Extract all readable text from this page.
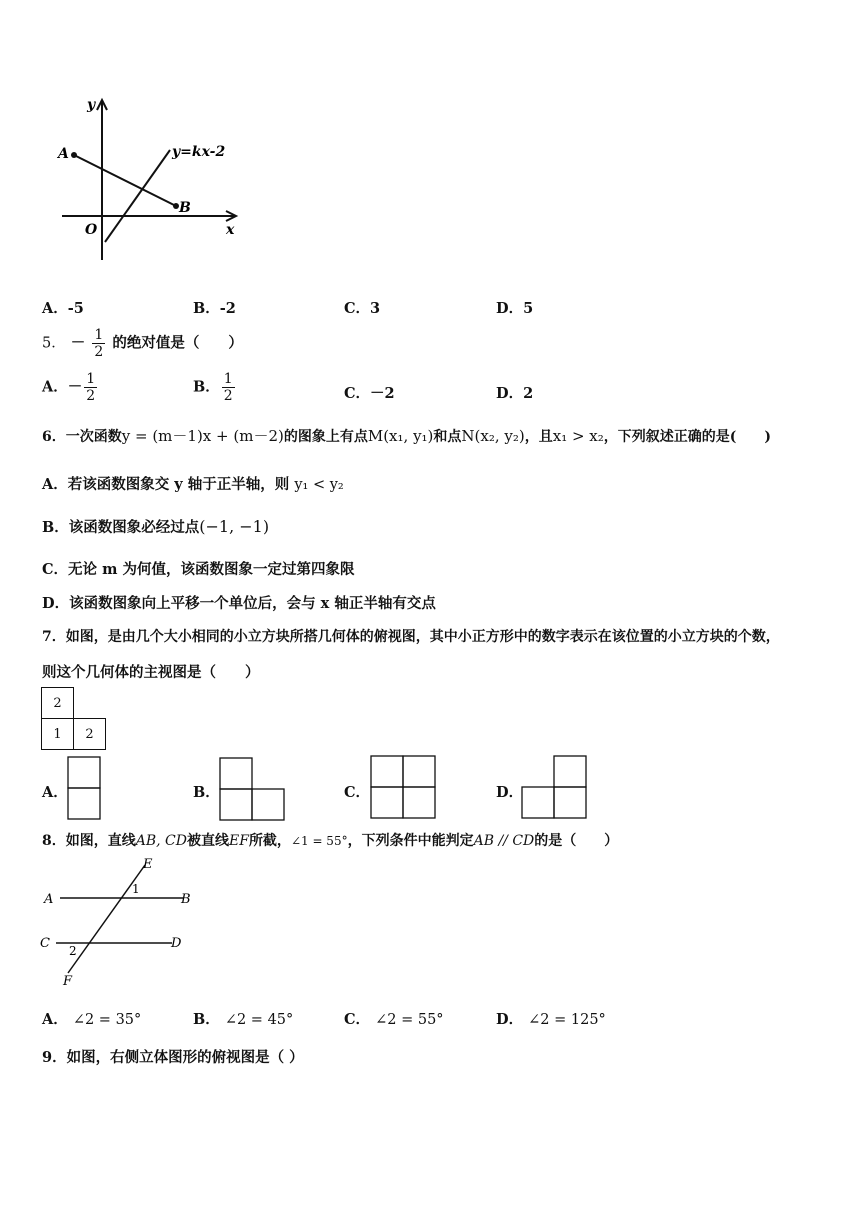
y
x
O
A
B
y=kx-2
A．-5	B．-2	C．3	D．5
5． － $\frac{1}{2}$ 的绝对值是（　　）
A．－ $\frac{1}{2}$	B． $\frac{1}{2}$	C．－2	D．2
6．一次函数y = (m－1)x + (m－2)的图象上有点M(x₁, y₁)和点N(x₂, y₂)，且x₁ > x₂，下列叙述正确的是(　　)
A．若该函数图象交 y 轴于正半轴，则 y₁ < y₂
B．该函数图象必经过点(−1, −1)
C．无论 m 为何值，该函数图象一定过第四象限
D．该函数图象向上平移一个单位后，会与 x 轴正半轴有交点
7．如图，是由几个大小相同的小立方块所搭几何体的俯视图，其中小正方形中的数字表示在该位置的小立方块的个数，
则这个几何体的主视图是（　　）
2
1	2
A．	B．	C．	D．
8．如图，直线AB, CD被直线EF所截，∠1 = 55°，下列条件中能判定AB // CD的是（　　）
E
A	B
C	D
F
1
2
A． ∠2 = 35°	B． ∠2 = 45°	C． ∠2 = 55°	D． ∠2 = 125°
9．如图，右侧立体图形的俯视图是（ ）
